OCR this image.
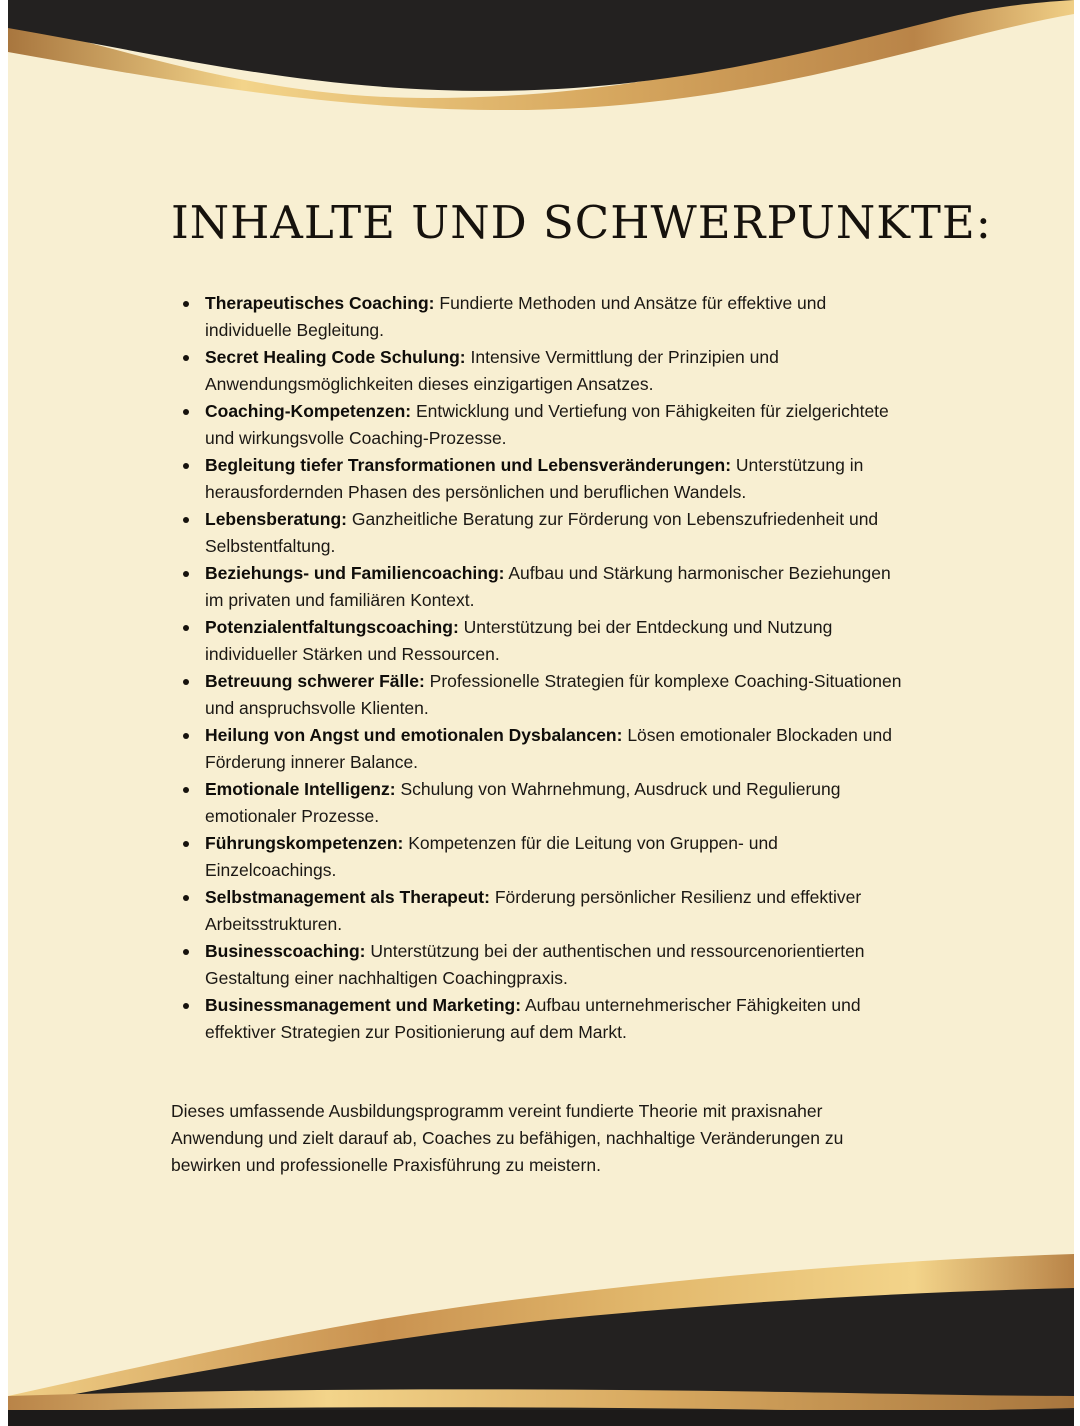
INHALTE UND SCHWERPUNKTE:
Therapeutisches Coaching: Fundierte Methoden und Ansätze für effektive und individuelle Begleitung.
Secret Healing Code Schulung: Intensive Vermittlung der Prinzipien und Anwendungsmöglichkeiten dieses einzigartigen Ansatzes.
Coaching-Kompetenzen: Entwicklung und Vertiefung von Fähigkeiten für zielgerichtete und wirkungsvolle Coaching-Prozesse.
Begleitung tiefer Transformationen und Lebensveränderungen: Unterstützung in herausfordernden Phasen des persönlichen und beruflichen Wandels.
Lebensberatung: Ganzheitliche Beratung zur Förderung von Lebenszufriedenheit und Selbstentfaltung.
Beziehungs- und Familiencoaching: Aufbau und Stärkung harmonischer Beziehungen im privaten und familiären Kontext.
Potenzialentfaltungscoaching: Unterstützung bei der Entdeckung und Nutzung individueller Stärken und Ressourcen.
Betreuung schwerer Fälle: Professionelle Strategien für komplexe Coaching-Situationen und anspruchsvolle Klienten.
Heilung von Angst und emotionalen Dysbalancen: Lösen emotionaler Blockaden und Förderung innerer Balance.
Emotionale Intelligenz: Schulung von Wahrnehmung, Ausdruck und Regulierung emotionaler Prozesse.
Führungskompetenzen: Kompetenzen für die Leitung von Gruppen- und Einzelcoachings.
Selbstmanagement als Therapeut: Förderung persönlicher Resilienz und effektiver Arbeitsstrukturen.
Businesscoaching: Unterstützung bei der authentischen und ressourcenorientierten Gestaltung einer nachhaltigen Coachingpraxis.
Businessmanagement und Marketing: Aufbau unternehmerischer Fähigkeiten und effektiver Strategien zur Positionierung auf dem Markt.

Dieses umfassende Ausbildungsprogramm vereint fundierte Theorie mit praxisnaher Anwendung und zielt darauf ab, Coaches zu befähigen, nachhaltige Veränderungen zu bewirken und professionelle Praxisführung zu meistern.
